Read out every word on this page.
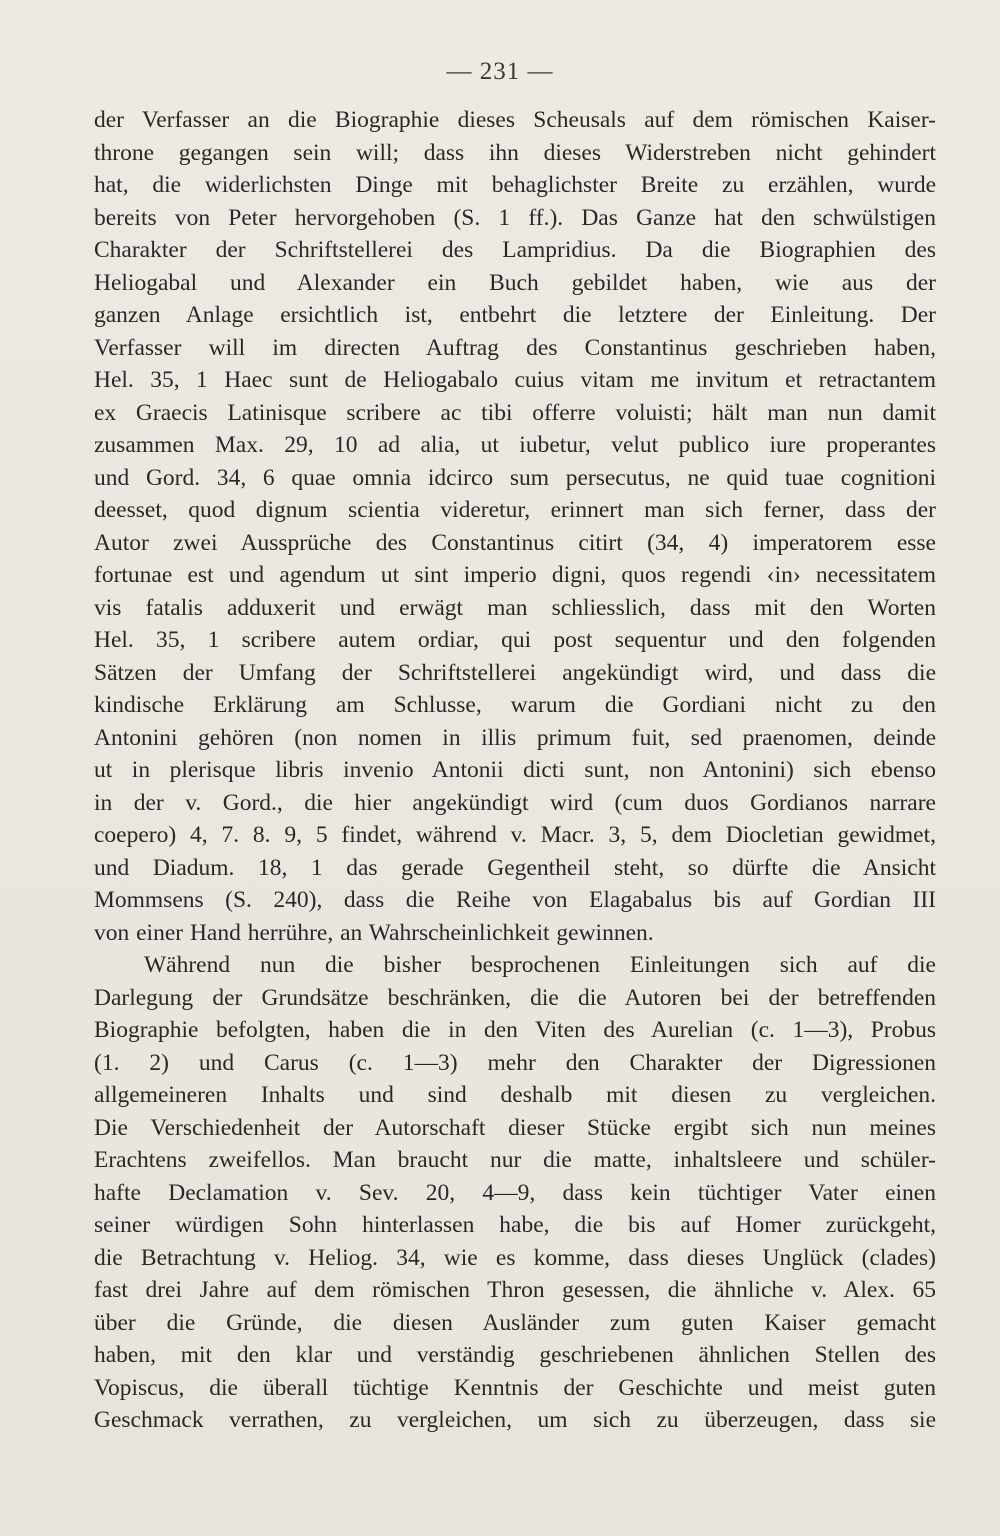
— 231 —
der Verfasser an die Biographie dieses Scheusals auf dem römischen Kaiser-
throne gegangen sein will; dass ihn dieses Widerstreben nicht gehindert
hat, die widerlichsten Dinge mit behaglichster Breite zu erzählen, wurde
bereits von Peter hervorgehoben (S. 1 ff.). Das Ganze hat den schwülstigen
Charakter der Schriftstellerei des Lampridius. Da die Biographien des
Heliogabal und Alexander ein Buch gebildet haben, wie aus der
ganzen Anlage ersichtlich ist, entbehrt die letztere der Einleitung. Der
Verfasser will im directen Auftrag des Constantinus geschrieben haben,
Hel. 35, 1 Haec sunt de Heliogabalo cuius vitam me invitum et retractantem
ex Graecis Latinisque scribere ac tibi offerre voluisti; hält man nun damit
zusammen Max. 29, 10 ad alia, ut iubetur, velut publico iure properantes
und Gord. 34, 6 quae omnia idcirco sum persecutus, ne quid tuae cognitioni
deesset, quod dignum scientia videretur, erinnert man sich ferner, dass der
Autor zwei Aussprüche des Constantinus citirt (34, 4) imperatorem esse
fortunae est und agendum ut sint imperio digni, quos regendi ‹in› necessitatem
vis fatalis adduxerit und erwägt man schliesslich, dass mit den Worten
Hel. 35, 1 scribere autem ordiar, qui post sequentur und den folgenden
Sätzen der Umfang der Schriftstellerei angekündigt wird, und dass die
kindische Erklärung am Schlusse, warum die Gordiani nicht zu den
Antonini gehören (non nomen in illis primum fuit, sed praenomen, deinde
ut in plerisque libris invenio Antonii dicti sunt, non Antonini) sich ebenso
in der v. Gord., die hier angekündigt wird (cum duos Gordianos narrare
coepero) 4, 7. 8. 9, 5 findet, während v. Macr. 3, 5, dem Diocletian gewidmet,
und Diadum. 18, 1 das gerade Gegentheil steht, so dürfte die Ansicht
Mommsens (S. 240), dass die Reihe von Elagabalus bis auf Gordian III
von einer Hand herrühre, an Wahrscheinlichkeit gewinnen.
Während nun die bisher besprochenen Einleitungen sich auf die
Darlegung der Grundsätze beschränken, die die Autoren bei der betreffenden
Biographie befolgten, haben die in den Viten des Aurelian (c. 1—3), Probus
(1. 2) und Carus (c. 1—3) mehr den Charakter der Digressionen
allgemeineren Inhalts und sind deshalb mit diesen zu vergleichen.
Die Verschiedenheit der Autorschaft dieser Stücke ergibt sich nun meines
Erachtens zweifellos. Man braucht nur die matte, inhaltsleere und schüler-
hafte Declamation v. Sev. 20, 4—9, dass kein tüchtiger Vater einen
seiner würdigen Sohn hinterlassen habe, die bis auf Homer zurückgeht,
die Betrachtung v. Heliog. 34, wie es komme, dass dieses Unglück (clades)
fast drei Jahre auf dem römischen Thron gesessen, die ähnliche v. Alex. 65
über die Gründe, die diesen Ausländer zum guten Kaiser gemacht
haben, mit den klar und verständig geschriebenen ähnlichen Stellen des
Vopiscus, die überall tüchtige Kenntnis der Geschichte und meist guten
Geschmack verrathen, zu vergleichen, um sich zu überzeugen, dass sie
